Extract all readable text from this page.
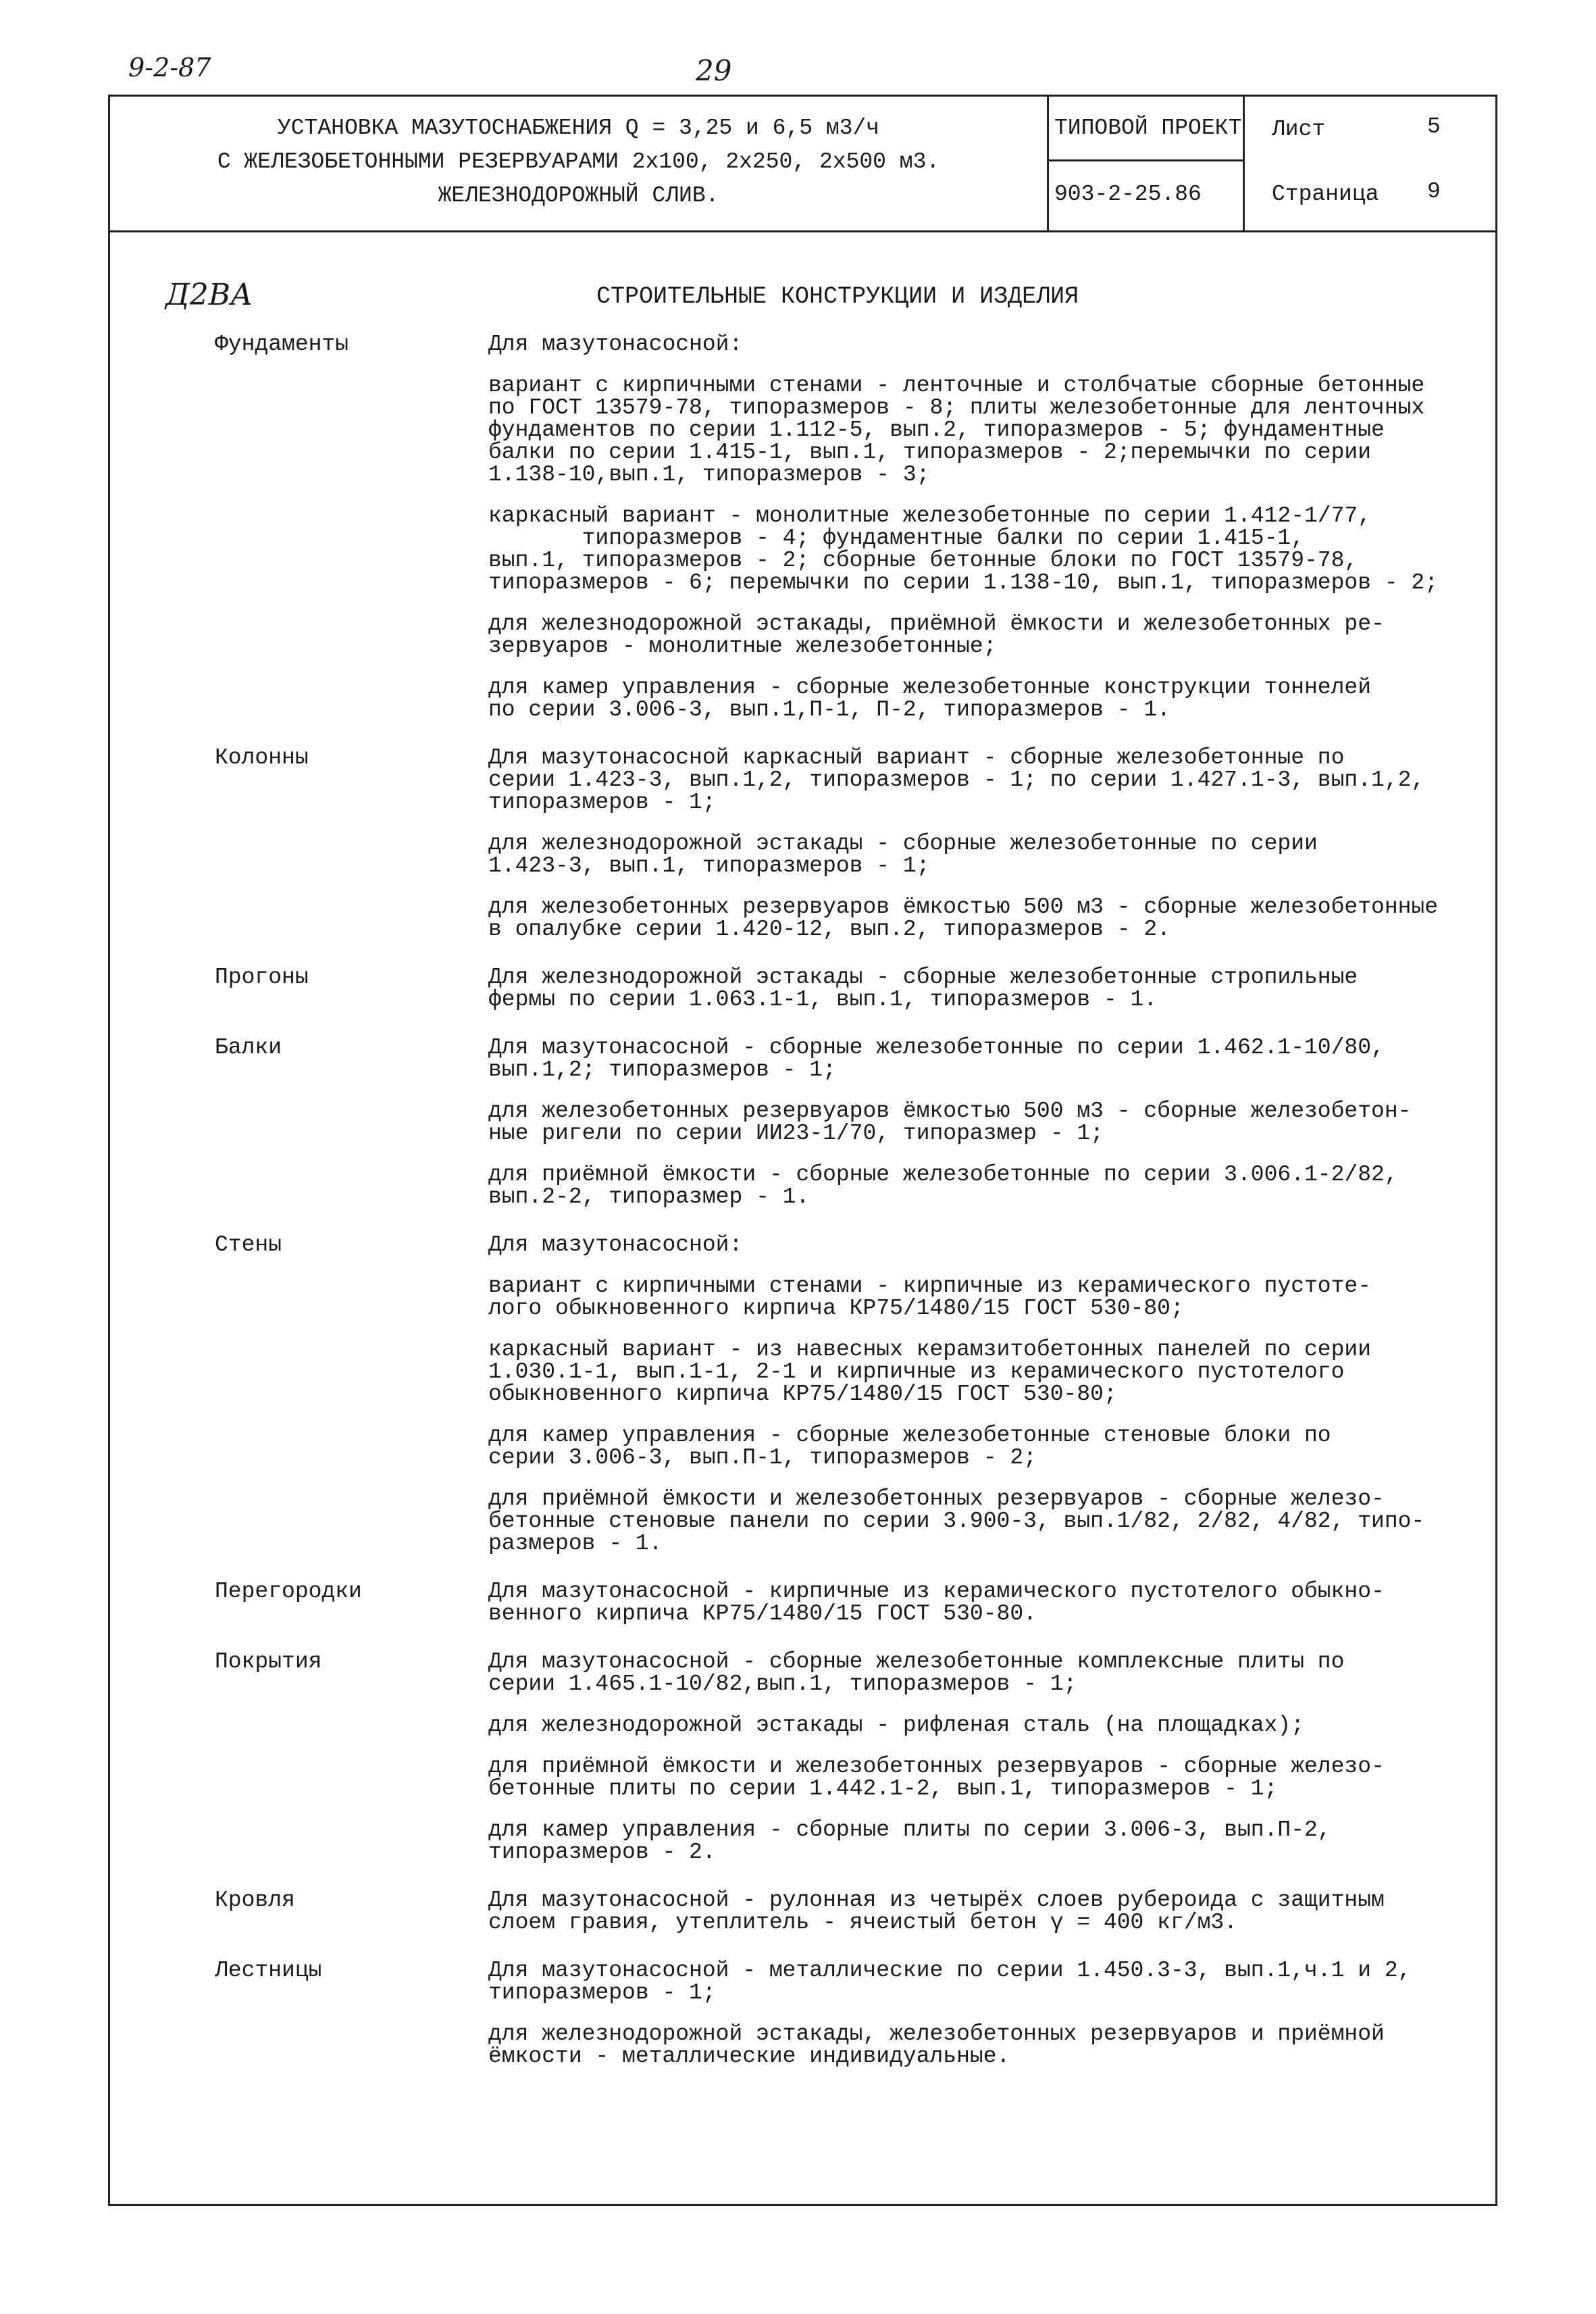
9-2-87	29
УСТАНОВКА МАЗУТОСНАБЖЕНИЯ Q = 3,25 и 6,5 м3/ч
С ЖЕЛЕЗОБЕТОННЫМИ РЕЗЕРВУАРАМИ 2х100, 2х250, 2х500 м3.
ЖЕЛЕЗНОДОРОЖНЫЙ СЛИВ.
ТИПОВОЙ ПРОЕКТ
903-2-25.86
Лист	5
Страница 9
Д2ВА	СТРОИТЕЛЬНЫЕ КОНСТРУКЦИИ И ИЗДЕЛИЯ
Фундаменты	Для мазутонасосной:

вариант с кирпичными стенами - ленточные и столбчатые сборные бетонные
по ГОСТ 13579-78, типоразмеров - 8; плиты железобетонные для ленточных
фундаментов по серии 1.112-5, вып.2, типоразмеров - 5; фундаментные
балки по серии 1.415-1, вып.1, типоразмеров - 2;перемычки по серии
1.138-10,вып.1, типоразмеров - 3;

каркасный вариант - монолитные железобетонные по серии 1.412-1/77,
типоразмеров - 4; фундаментные балки по серии 1.415-1,
вып.1, типоразмеров - 2; сборные бетонные блоки по ГОСТ 13579-78,
типоразмеров - 6; перемычки по серии 1.138-10, вып.1, типоразмеров - 2;

для железнодорожной эстакады, приёмной ёмкости и железобетонных ре-
зервуаров - монолитные железобетонные;

для камер управления - сборные железобетонные конструкции тоннелей
по серии 3.006-3, вып.1,П-1, П-2, типоразмеров - 1.

Колонны	Для мазутонасосной каркасный вариант - сборные железобетонные по
серии 1.423-3, вып.1,2, типоразмеров - 1; по серии 1.427.1-3, вып.1,2,
типоразмеров - 1;

для железнодорожной эстакады - сборные железобетонные по серии
1.423-3, вып.1, типоразмеров - 1;

для железобетонных резервуаров ёмкостью 500 м3 - сборные железобетонные
в опалубке серии 1.420-12, вып.2, типоразмеров - 2.

Прогоны	Для железнодорожной эстакады - сборные железобетонные стропильные
фермы по серии 1.063.1-1, вып.1, типоразмеров - 1.

Балки	Для мазутонасосной - сборные железобетонные по серии 1.462.1-10/80,
вып.1,2; типоразмеров - 1;

для железобетонных резервуаров ёмкостью 500 м3 - сборные железобетон-
ные ригели по серии ИИ23-1/70, типоразмер - 1;

для приёмной ёмкости - сборные железобетонные по серии 3.006.1-2/82,
вып.2-2, типоразмер - 1.

Стены	Для мазутонасосной:

вариант с кирпичными стенами - кирпичные из керамического пустоте-
лого обыкновенного кирпича КР75/1480/15 ГОСТ 530-80;

каркасный вариант - из навесных керамзитобетонных панелей по серии
1.030.1-1, вып.1-1, 2-1 и кирпичные из керамического пустотелого
обыкновенного кирпича КР75/1480/15 ГОСТ 530-80;

для камер управления - сборные железобетонные стеновые блоки по
серии 3.006-3, вып.П-1, типоразмеров - 2;

для приёмной ёмкости и железобетонных резервуаров - сборные железо-
бетонные стеновые панели по серии 3.900-3, вып.1/82, 2/82, 4/82, типо-
размеров - 1.

Перегородки	Для мазутонасосной - кирпичные из керамического пустотелого обыкно-
венного кирпича КР75/1480/15 ГОСТ 530-80.

Покрытия	Для мазутонасосной - сборные железобетонные комплексные плиты по
серии 1.465.1-10/82,вып.1, типоразмеров - 1;

для железнодорожной эстакады - рифленая сталь (на площадках);

для приёмной ёмкости и железобетонных резервуаров - сборные железо-
бетонные плиты по серии 1.442.1-2, вып.1, типоразмеров - 1;

для камер управления - сборные плиты по серии 3.006-3, вып.П-2,
типоразмеров - 2.

Кровля	Для мазутонасосной - рулонная из четырёх слоев рубероида с защитным
слоем гравия, утеплитель - ячеистый бетон γ = 400 кг/м3.

Лестницы	Для мазутонасосной - металлические по серии 1.450.3-3, вып.1,ч.1 и 2,
типоразмеров - 1;

для железнодорожной эстакады, железобетонных резервуаров и приёмной
ёмкости - металлические индивидуальные.
